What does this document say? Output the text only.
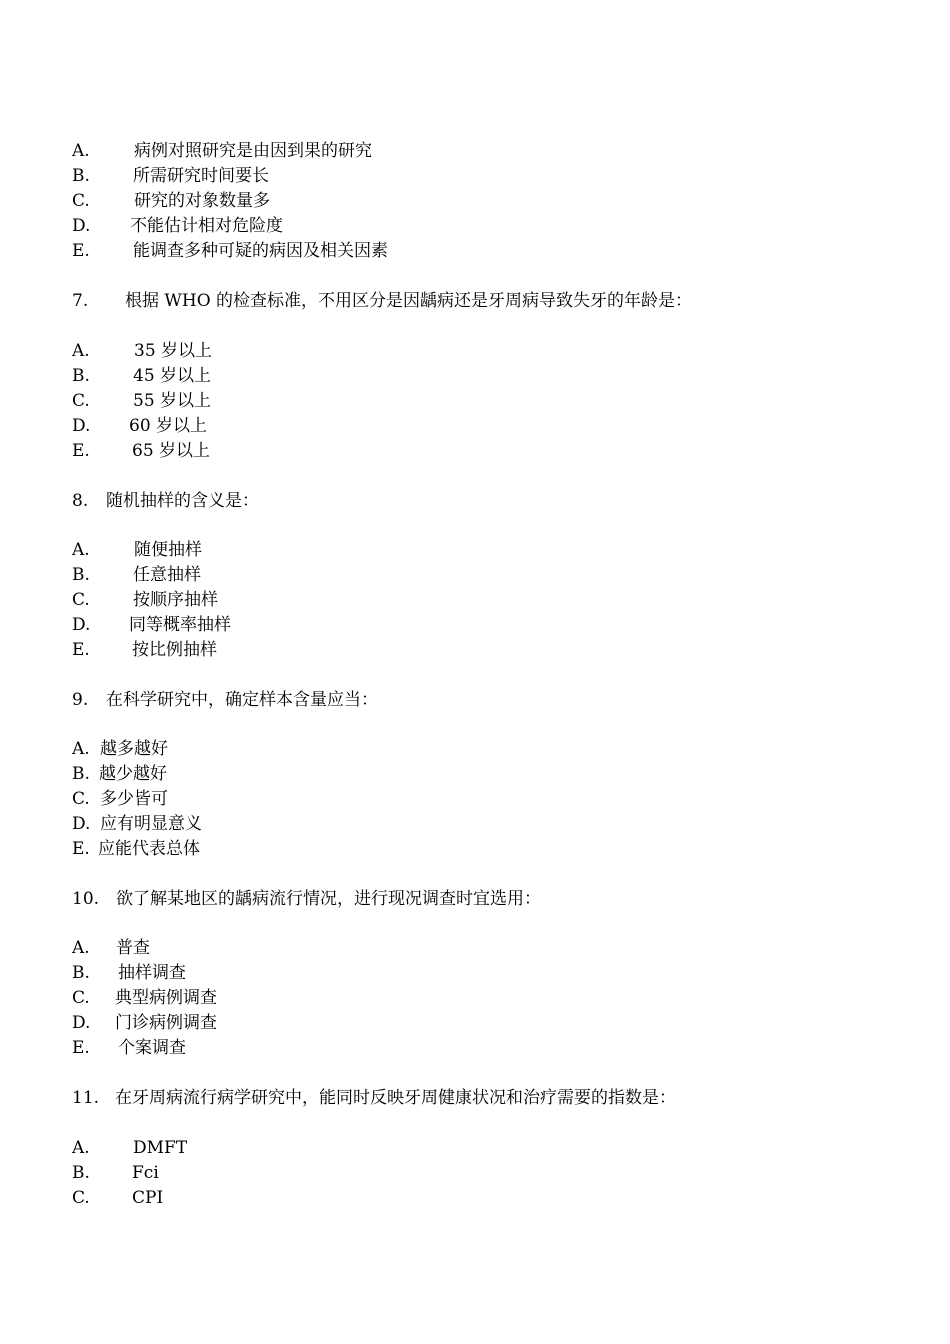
A.	病例对照研究是由因到果的研究
B.	所需研究时间要长
C.	研究的对象数量多
D. 不能估计相对危险度
E.	能调查多种可疑的病因及相关因素
7. 根据 WHO 的检查标准，不用区分是因龋病还是牙周病导致失牙的年龄是：
A.	35 岁以上
B.	45 岁以上
C.	55 岁以上
D. 60 岁以上
E. 65 岁以上
8. 随机抽样的含义是：
A.	随便抽样
B.	任意抽样
C.	按顺序抽样
D. 同等概率抽样
E. 按比例抽样
9. 在科学研究中，确定样本含量应当：
A. 越多越好
B. 越少越好
C. 多少皆可
D. 应有明显意义
E. 应能代表总体
10. 欲了解某地区的龋病流行情况，进行现况调查时宜选用：
A. 普查
B. 抽样调查
C. 典型病例调查
D. 门诊病例调查
E. 个案调查
11. 在牙周病流行病学研究中，能同时反映牙周健康状况和治疗需要的指数是：
A.	DMFT
B. Fci
C. CPI
